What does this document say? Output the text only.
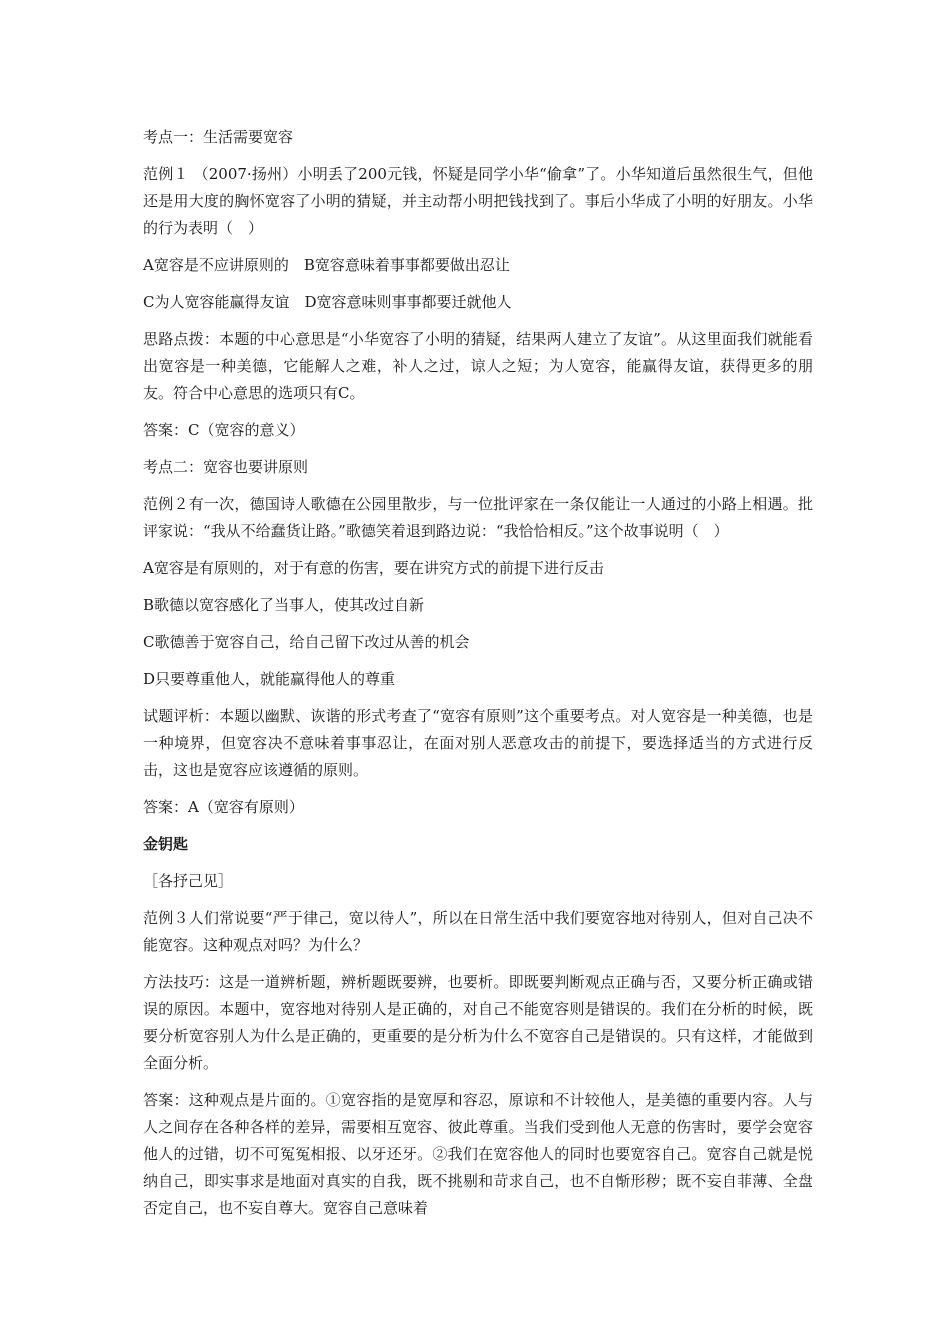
考点一：生活需要宽容

范例１ （2007·扬州）小明丢了200元钱，怀疑是同学小华“偷拿”了。小华知道后虽然很生气，但他还是用大度的胸怀宽容了小明的猜疑，并主动帮小明把钱找到了。事后小华成了小明的好朋友。小华的行为表明（　）

A宽容是不应讲原则的　B宽容意味着事事都要做出忍让

C为人宽容能赢得友谊　D宽容意味则事事都要迁就他人

思路点拨：本题的中心意思是“小华宽容了小明的猜疑，结果两人建立了友谊”。从这里面我们就能看出宽容是一种美德，它能解人之难，补人之过，谅人之短；为人宽容，能赢得友谊，获得更多的朋友。符合中心意思的选项只有C。

答案：C（宽容的意义）

考点二：宽容也要讲原则

范例２有一次，德国诗人歌德在公园里散步，与一位批评家在一条仅能让一人通过的小路上相遇。批评家说：“我从不给蠢货让路。”歌德笑着退到路边说：“我恰恰相反。”这个故事说明（　）

A宽容是有原则的，对于有意的伤害，要在讲究方式的前提下进行反击

B歌德以宽容感化了当事人，使其改过自新

C歌德善于宽容自己，给自己留下改过从善的机会

D只要尊重他人，就能赢得他人的尊重

试题评析：本题以幽默、诙谐的形式考查了“宽容有原则”这个重要考点。对人宽容是一种美德，也是一种境界，但宽容决不意味着事事忍让，在面对别人恶意攻击的前提下，要选择适当的方式进行反击，这也是宽容应该遵循的原则。

答案：A（宽容有原则）

金钥匙

［各抒己见］

范例３人们常说要“严于律己，宽以待人”，所以在日常生活中我们要宽容地对待别人，但对自己决不能宽容。这种观点对吗？为什么？

方法技巧：这是一道辨析题，辨析题既要辨，也要析。即既要判断观点正确与否，又要分析正确或错误的原因。本题中，宽容地对待别人是正确的，对自己不能宽容则是错误的。我们在分析的时候，既要分析宽容别人为什么是正确的，更重要的是分析为什么不宽容自己是错误的。只有这样，才能做到全面分析。

答案：这种观点是片面的。①宽容指的是宽厚和容忍，原谅和不计较他人，是美德的重要内容。人与人之间存在各种各样的差异，需要相互宽容、彼此尊重。当我们受到他人无意的伤害时，要学会宽容他人的过错，切不可冤冤相报、以牙还牙。②我们在宽容他人的同时也要宽容自己。宽容自己就是悦纳自己，即实事求是地面对真实的自我，既不挑剔和苛求自己，也不自惭形秽；既不妄自菲薄、全盘否定自己，也不妄自尊大。宽容自己意味着
